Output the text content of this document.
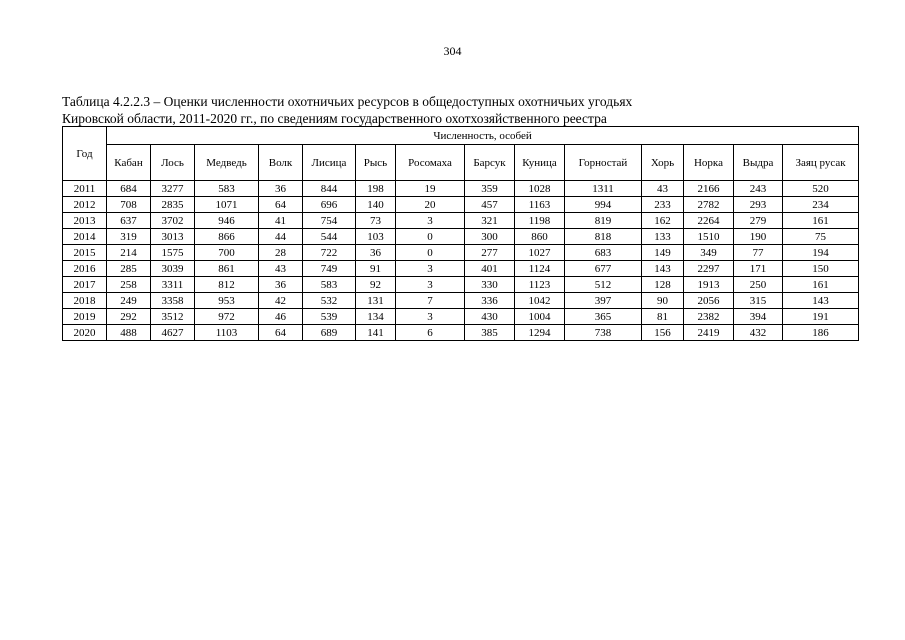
304
Таблица 4.2.2.3 – Оценки численности охотничьих ресурсов в общедоступных охотничьих угодьях
Кировской области, 2011-2020 гг., по сведениям государственного охотхозяйственного реестра
Год	Численность, особей													
	Кабан	Лось	Медведь	Волк	Лисица	Рысь	Росомаха	Барсук	Куница	Горностай	Хорь	Норка	Выдра	Заяц русак
2011	684	3277	583	36	844	198	19	359	1028	1311	43	2166	243	520
2012	708	2835	1071	64	696	140	20	457	1163	994	233	2782	293	234
2013	637	3702	946	41	754	73	3	321	1198	819	162	2264	279	161
2014	319	3013	866	44	544	103	0	300	860	818	133	1510	190	75
2015	214	1575	700	28	722	36	0	277	1027	683	149	349	77	194
2016	285	3039	861	43	749	91	3	401	1124	677	143	2297	171	150
2017	258	3311	812	36	583	92	3	330	1123	512	128	1913	250	161
2018	249	3358	953	42	532	131	7	336	1042	397	90	2056	315	143
2019	292	3512	972	46	539	134	3	430	1004	365	81	2382	394	191
2020	488	4627	1103	64	689	141	6	385	1294	738	156	2419	432	186
